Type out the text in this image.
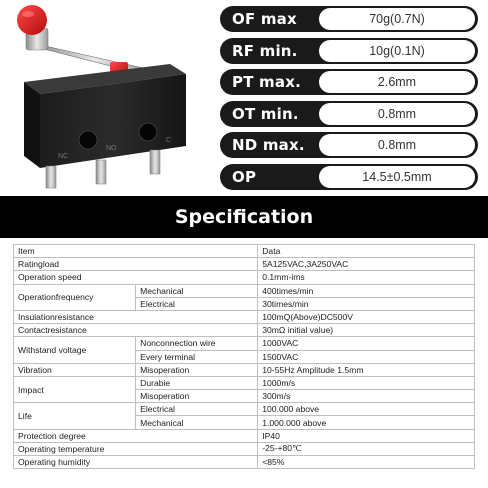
NC
NO
C
OF max	70g(0.7N)
RF min.	10g(0.1N)
PT max.	2.6mm
OT min.	0.8mm
ND max.	0.8mm
OP	14.5±0.5mm
Specification
Item		Data
Ratingload		5A125VAC,3A250VAC
Operation speed		0.1mm-ims
Operationfrequency	Mechanical	400times/min
	Electrical	30times/min
Insulationresistance		100mQ(Above)DC500V
Contactresistance		30mΩ initial value)
Withstand voltage	Nonconnection wire	1000VAC
	Every terminal	1500VAC
Vibration	Misoperation	10-55Hz Amplitude 1.5mm
Impact	Durabie	1000m/s
	Misoperation	300m/s
Life	Electrical	100.000 above
	Mechanical	1.000.000 above
Protection degree		IP40
Operating temperature		-25-+80℃
Operating humidity		<85%
